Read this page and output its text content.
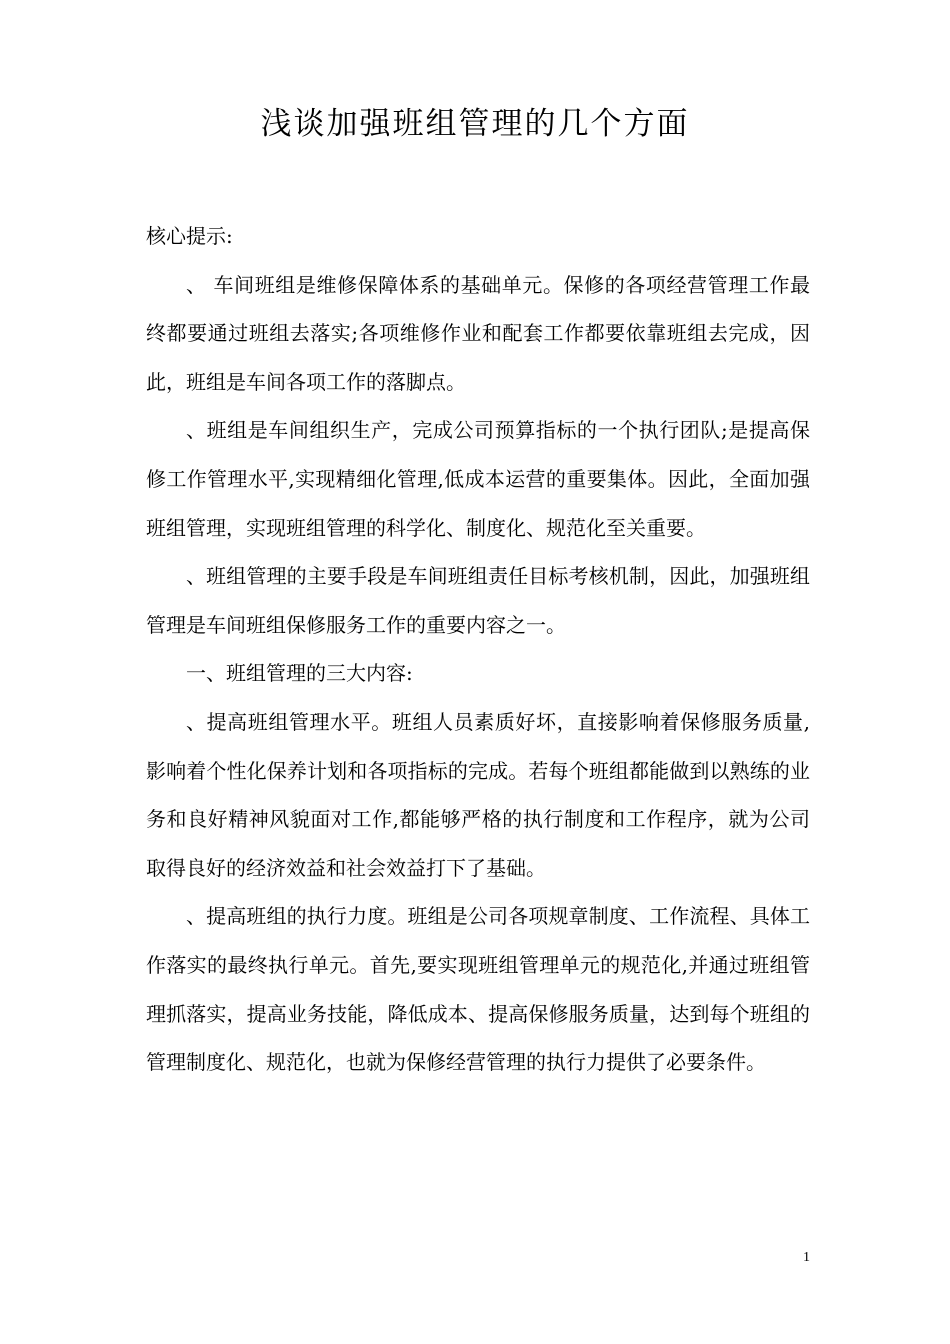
浅谈加强班组管理的几个方面

核心提示:

、 车间班组是维修保障体系的基础单元。保修的各项经营管理工作最终都要通过班组去落实;各项维修作业和配套工作都要依靠班组去完成，因此，班组是车间各项工作的落脚点。

、班组是车间组织生产，完成公司预算指标的一个执行团队;是提高保修工作管理水平,实现精细化管理,低成本运营的重要集体。因此，全面加强班组管理，实现班组管理的科学化、制度化、规范化至关重要。

、班组管理的主要手段是车间班组责任目标考核机制，因此，加强班组管理是车间班组保修服务工作的重要内容之一。

一、班组管理的三大内容:

、提高班组管理水平。班组人员素质好坏，直接影响着保修服务质量,影响着个性化保养计划和各项指标的完成。若每个班组都能做到以熟练的业务和良好精神风貌面对工作,都能够严格的执行制度和工作程序，就为公司取得良好的经济效益和社会效益打下了基础。

、提高班组的执行力度。班组是公司各项规章制度、工作流程、具体工作落实的最终执行单元。首先,要实现班组管理单元的规范化,并通过班组管理抓落实，提高业务技能，降低成本、提高保修服务质量，达到每个班组的管理制度化、规范化，也就为保修经营管理的执行力提供了必要条件。

1
